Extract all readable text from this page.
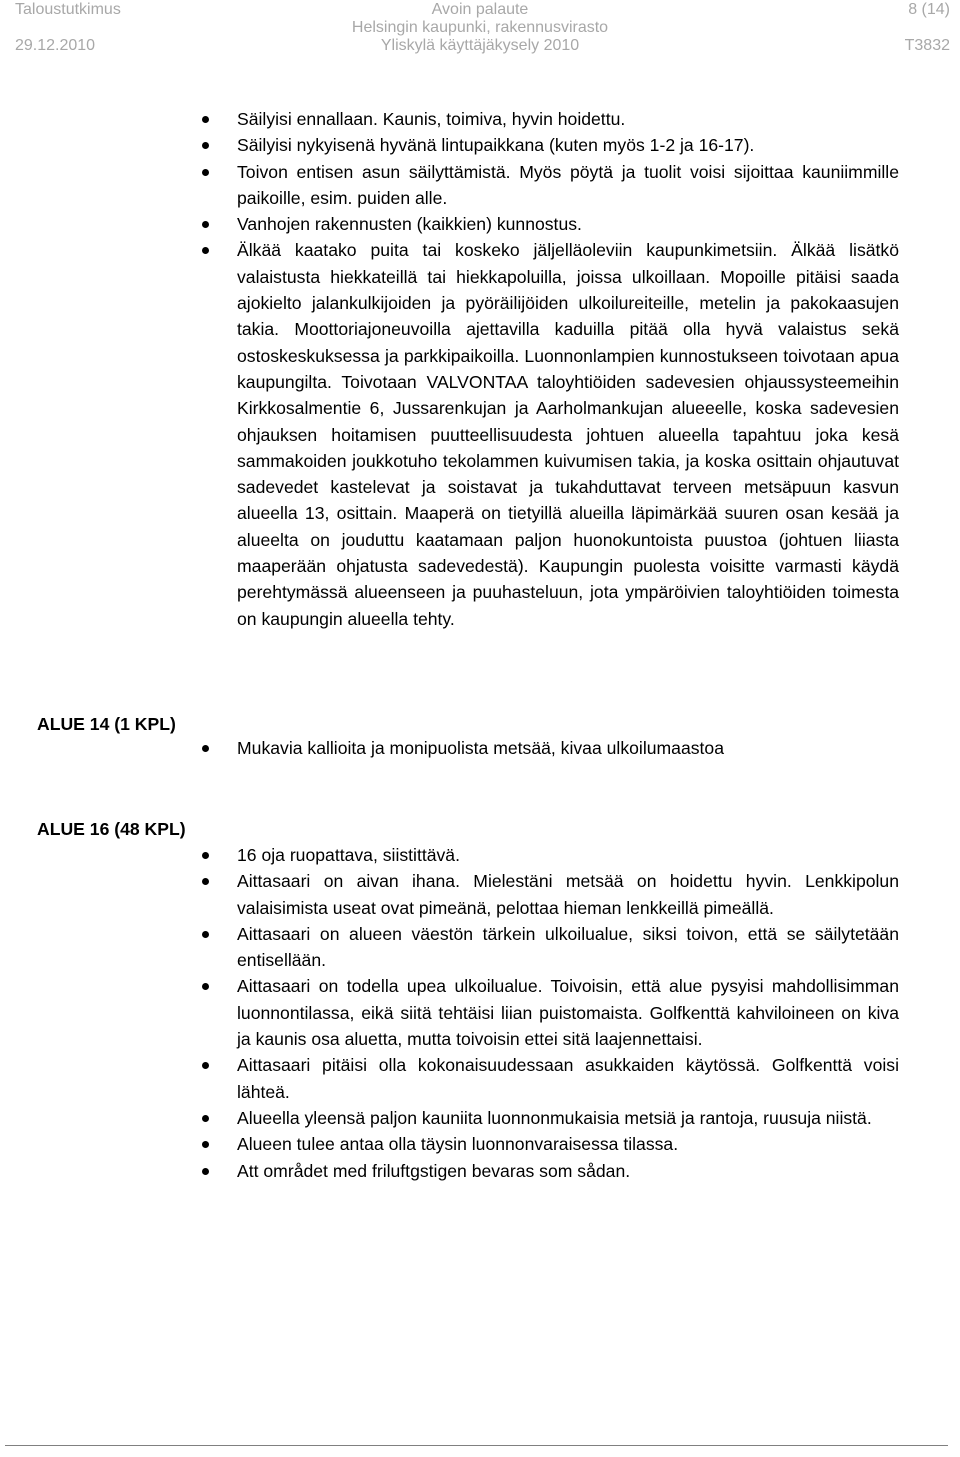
Taloustutkimus	Avoin palaute	8 (14)
Helsingin kaupunki, rakennusvirasto
29.12.2010	Yliskylä käyttäjäkysely 2010	T3832
Säilyisi ennallaan. Kaunis, toimiva, hyvin hoidettu.
Säilyisi nykyisenä hyvänä lintupaikkana (kuten myös 1-2 ja 16-17).
Toivon entisen asun säilyttämistä. Myös pöytä ja tuolit voisi sijoittaa kauniimmille paikoille, esim. puiden alle.
Vanhojen rakennusten (kaikkien) kunnostus.
Älkää kaatako puita tai koskeko jäljelläoleviin kaupunkimetsiin. Älkää lisätkö valaistusta hiekkateillä tai hiekkapoluilla, joissa ulkoillaan. Mopoille pitäisi saada ajokielto jalankulkijoiden ja pyöräilijöiden ulkoilureiteille, metelin ja pakokaasujen takia. Moottoriajoneuvoilla ajettavilla kaduilla pitää olla hyvä valaistus sekä ostoskeskuksessa ja parkkipaikoilla. Luonnonlampien kunnostukseen toivotaan apua kaupungilta. Toivotaan VALVONTAA taloyhtiöiden sadevesien ohjaussysteemeihin Kirkkosalmentie 6, Jussarenkujan ja Aarholmankujan alueeelle, koska sadevesien ohjauksen hoitamisen puutteellisuudesta johtuen alueella tapahtuu joka kesä sammakoiden joukkotuho tekolammen kuivumisen takia, ja koska osittain ohjautuvat sadevedet kastelevat ja soistavat ja tukahduttavat terveen metsäpuun kasvun alueella 13, osittain. Maaperä on tietyillä alueilla läpimärkää suuren osan kesää ja alueelta on jouduttu kaatamaan paljon huonokuntoista puustoa (johtuen liiasta maaperään ohjatusta sadevedestä). Kaupungin puolesta voisitte varmasti käydä perehtymässä alueenseen ja puuhasteluun, jota ympäröivien taloyhtiöiden toimesta on kaupungin alueella tehty.
ALUE 14 (1 KPL)
Mukavia kallioita ja monipuolista metsää, kivaa ulkoilumaastoa
ALUE 16 (48 KPL)
16 oja ruopattava, siistittävä.
Aittasaari on aivan ihana. Mielestäni metsää on hoidettu hyvin. Lenkkipolun valaisimista useat ovat pimeänä, pelottaa hieman lenkkeillä pimeällä.
Aittasaari on alueen väestön tärkein ulkoilualue, siksi toivon, että se säilytetään entisellään.
Aittasaari on todella upea ulkoilualue. Toivoisin, että alue pysyisi mahdollisimman luonnontilassa, eikä siitä tehtäisi liian puistomaista. Golfkenttä kahviloineen on kiva ja kaunis osa aluetta, mutta toivoisin ettei sitä laajennettaisi.
Aittasaari pitäisi olla kokonaisuudessaan asukkaiden käytössä. Golfkenttä voisi lähteä.
Alueella yleensä paljon kauniita luonnonmukaisia metsiä ja rantoja, ruusuja niistä.
Alueen tulee antaa olla täysin luonnonvaraisessa tilassa.
Att området med friluftgstigen bevaras som sådan.
